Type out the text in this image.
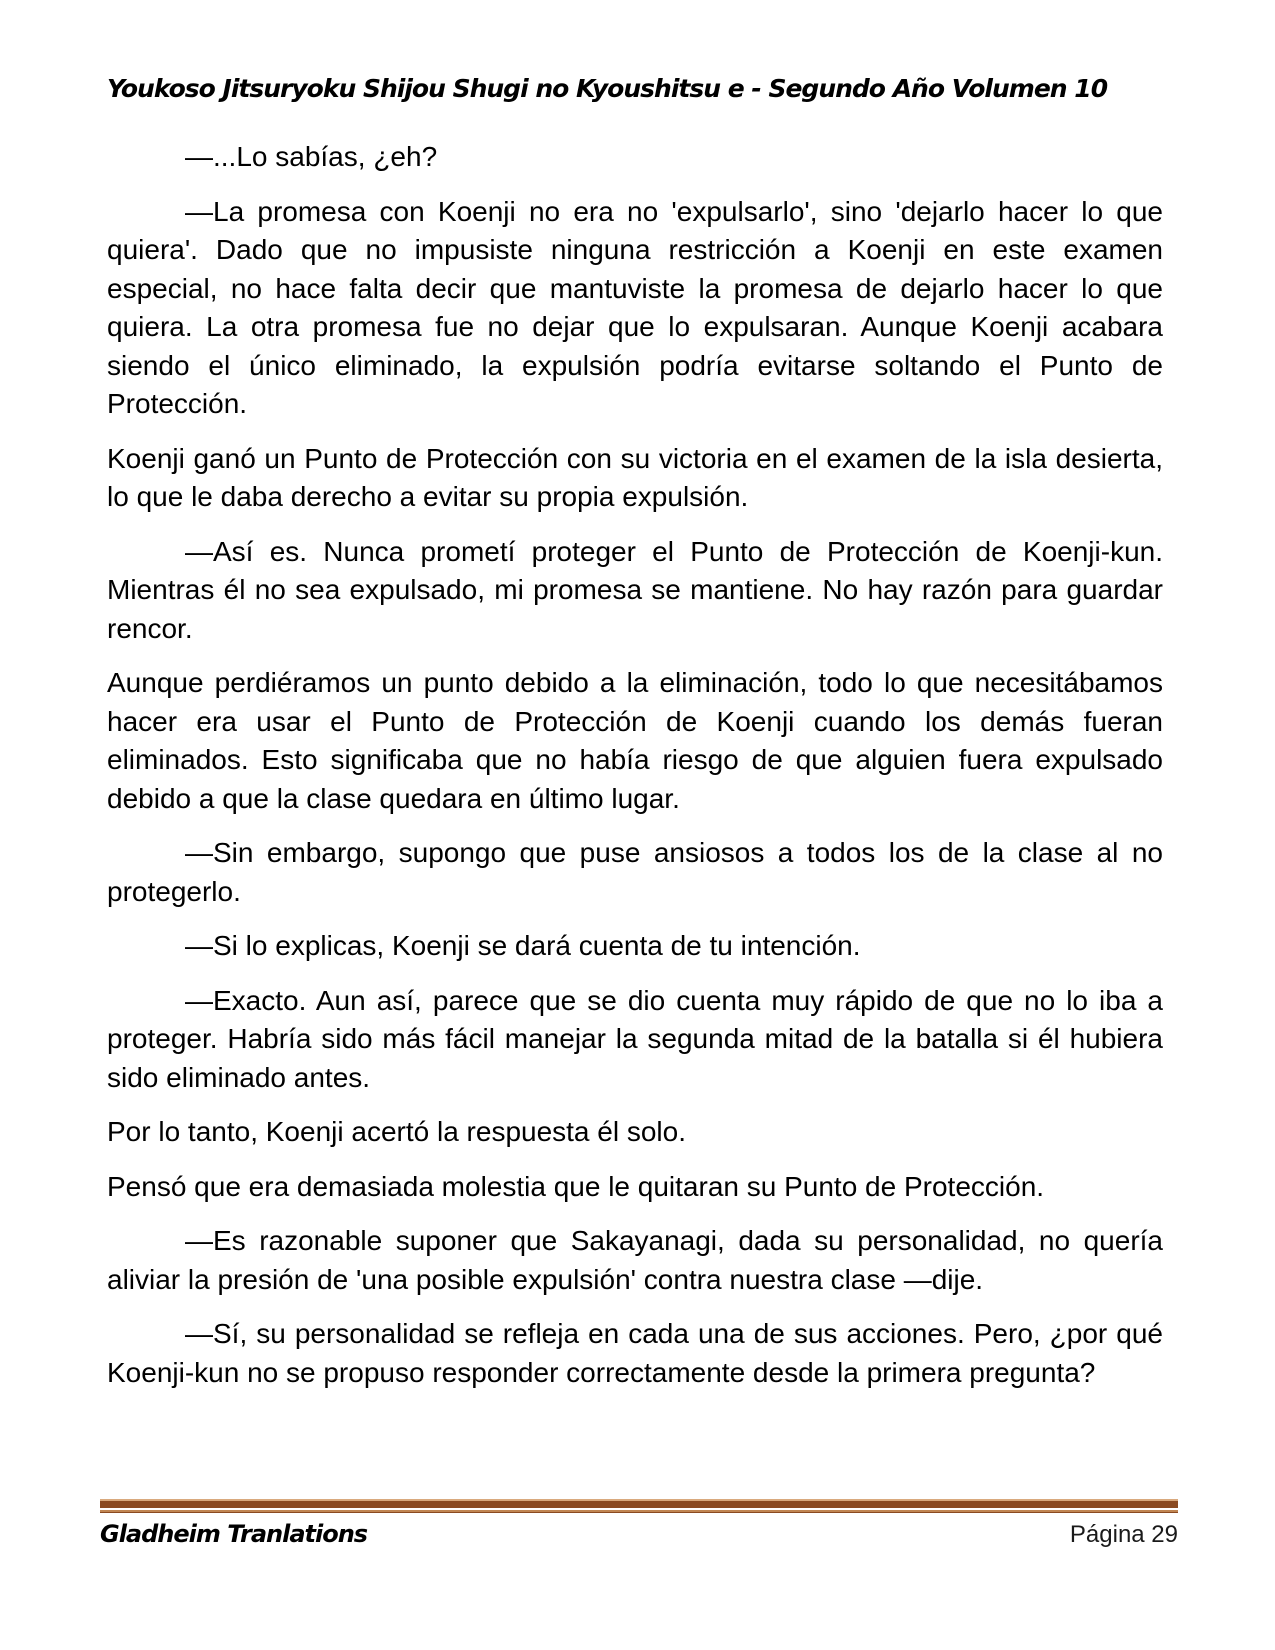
Youkoso Jitsuryoku Shijou Shugi no Kyoushitsu e - Segundo Año Volumen 10

—...Lo sabías, ¿eh?

—La promesa con Koenji no era no 'expulsarlo', sino 'dejarlo hacer lo que quiera'. Dado que no impusiste ninguna restricción a Koenji en este examen especial, no hace falta decir que mantuviste la promesa de dejarlo hacer lo que quiera. La otra promesa fue no dejar que lo expulsaran. Aunque Koenji acabara siendo el único eliminado, la expulsión podría evitarse soltando el Punto de Protección.

Koenji ganó un Punto de Protección con su victoria en el examen de la isla desierta, lo que le daba derecho a evitar su propia expulsión.

—Así es. Nunca prometí proteger el Punto de Protección de Koenji-kun. Mientras él no sea expulsado, mi promesa se mantiene. No hay razón para guardar rencor.

Aunque perdiéramos un punto debido a la eliminación, todo lo que necesitábamos hacer era usar el Punto de Protección de Koenji cuando los demás fueran eliminados. Esto significaba que no había riesgo de que alguien fuera expulsado debido a que la clase quedara en último lugar.

—Sin embargo, supongo que puse ansiosos a todos los de la clase al no protegerlo.

—Si lo explicas, Koenji se dará cuenta de tu intención.

—Exacto. Aun así, parece que se dio cuenta muy rápido de que no lo iba a proteger. Habría sido más fácil manejar la segunda mitad de la batalla si él hubiera sido eliminado antes.

Por lo tanto, Koenji acertó la respuesta él solo.

Pensó que era demasiada molestia que le quitaran su Punto de Protección.

—Es razonable suponer que Sakayanagi, dada su personalidad, no quería aliviar la presión de 'una posible expulsión' contra nuestra clase —dije.

—Sí, su personalidad se refleja en cada una de sus acciones. Pero, ¿por qué Koenji-kun no se propuso responder correctamente desde la primera pregunta?

Gladheim Tranlations	Página 29
